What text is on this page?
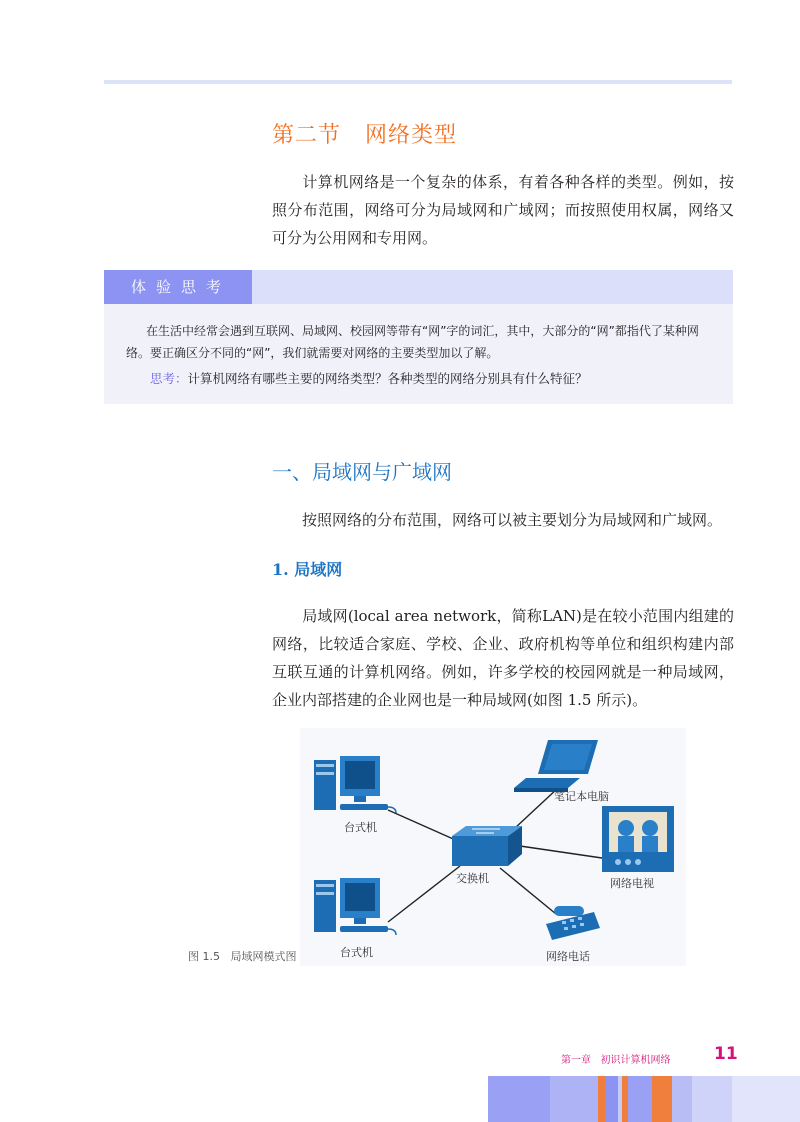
第二节 网络类型
计算机网络是一个复杂的体系，有着各种各样的类型。例如，按照分布范围，网络可分为局域网和广域网；而按照使用权属，网络又可分为公用网和专用网。
体验思考
在生活中经常会遇到互联网、局域网、校园网等带有“网”字的词汇，其中，大部分的“网”都指代了某种网络。要正确区分不同的“网”，我们就需要对网络的主要类型加以了解。
思考：计算机网络有哪些主要的网络类型？各种类型的网络分别具有什么特征？
一、局域网与广域网
按照网络的分布范围，网络可以被主要划分为局域网和广域网。
1. 局域网
局域网(local area network，简称LAN)是在较小范围内组建的网络，比较适合家庭、学校、企业、政府机构等单位和组织构建内部互联互通的计算机网络。例如，许多学校的校园网就是一种局域网，企业内部搭建的企业网也是一种局域网(如图 1.5 所示)。
台式机
台式机
交换机
笔记本电脑
网络电视
网络电话
图 1.5 局域网模式图
第一章 初识计算机网络	11
